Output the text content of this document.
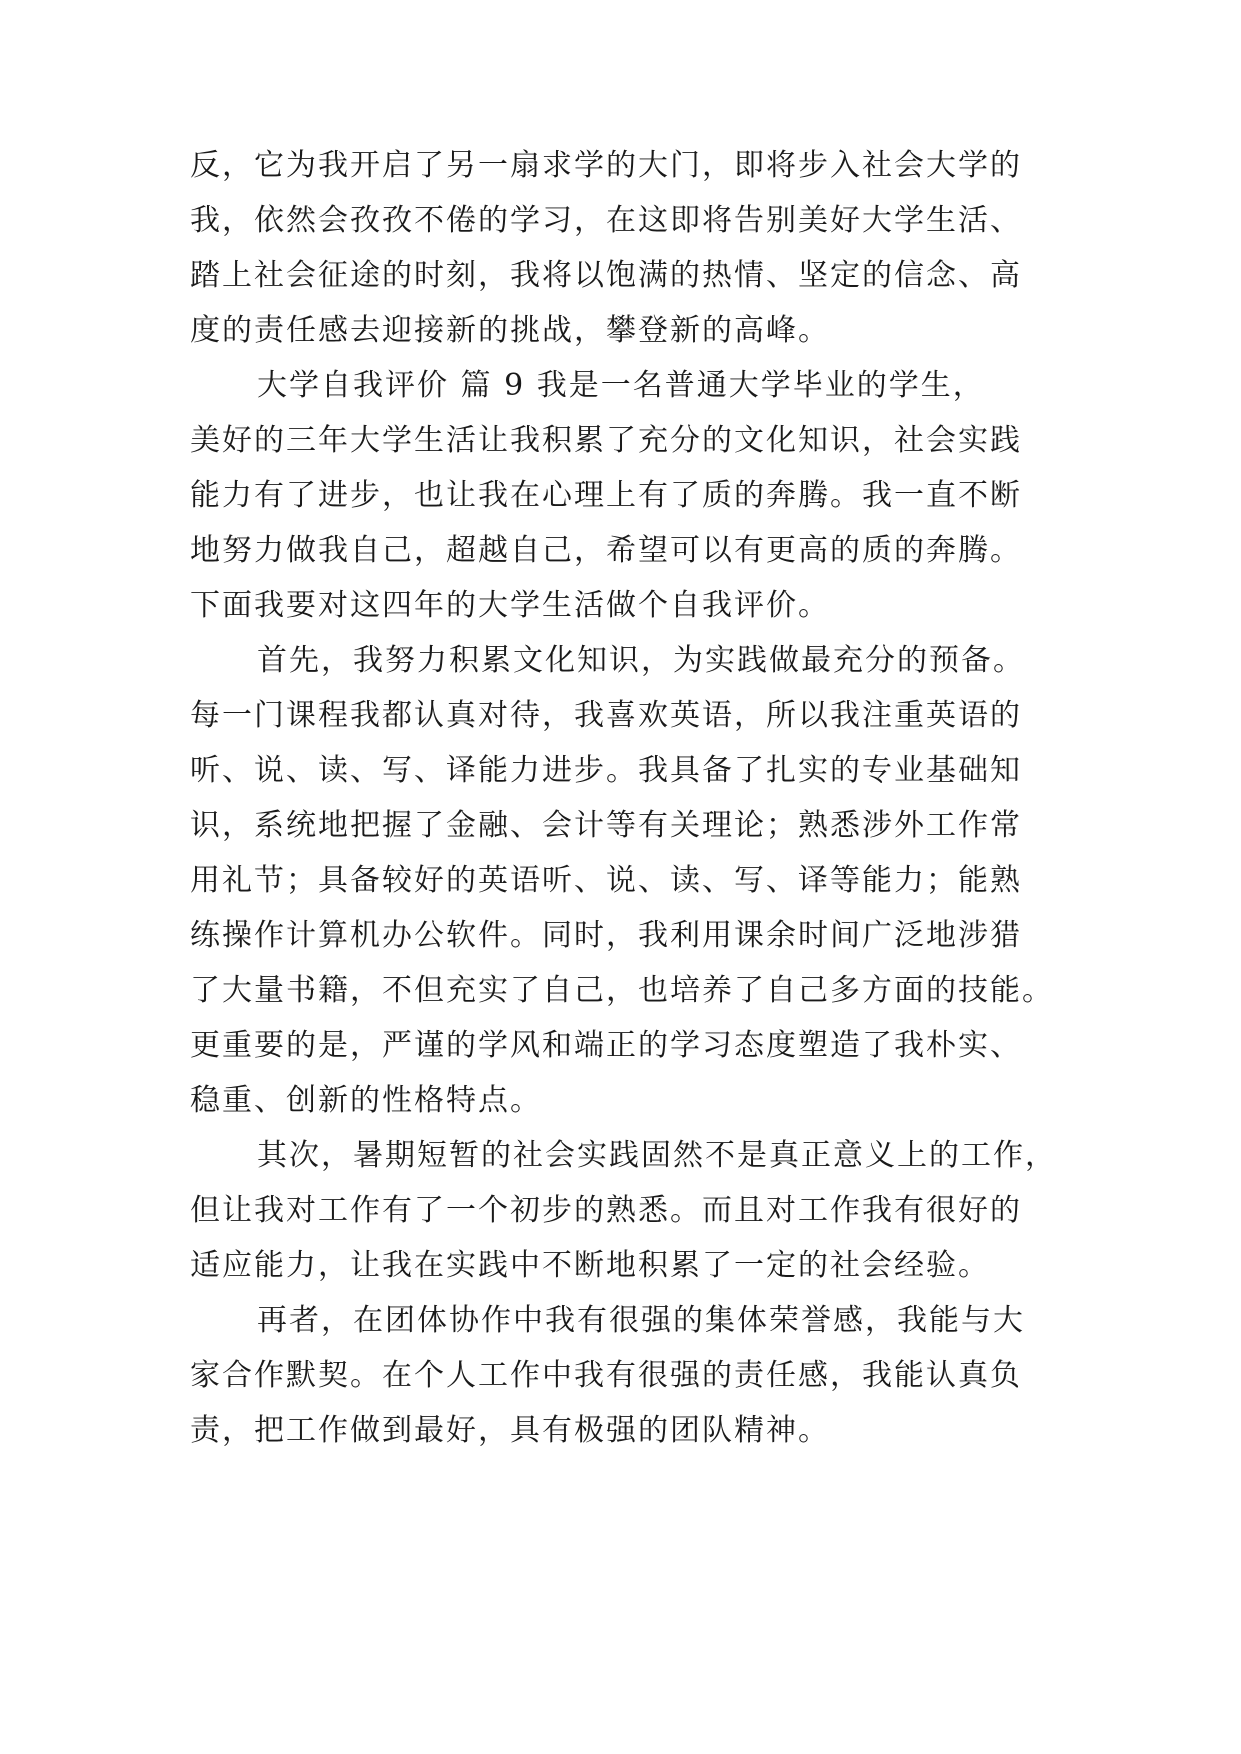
反，它为我开启了另一扇求学的大门，即将步入社会大学的
我，依然会孜孜不倦的学习，在这即将告别美好大学生活、
踏上社会征途的时刻，我将以饱满的热情、坚定的信念、高
度的责任感去迎接新的挑战，攀登新的高峰。
大学自我评价 篇 9 我是一名普通大学毕业的学生，
美好的三年大学生活让我积累了充分的文化知识，社会实践
能力有了进步，也让我在心理上有了质的奔腾。我一直不断
地努力做我自己，超越自己，希望可以有更高的质的奔腾。
下面我要对这四年的大学生活做个自我评价。
首先，我努力积累文化知识，为实践做最充分的预备。
每一门课程我都认真对待，我喜欢英语，所以我注重英语的
听、说、读、写、译能力进步。我具备了扎实的专业基础知
识，系统地把握了金融、会计等有关理论；熟悉涉外工作常
用礼节；具备较好的英语听、说、读、写、译等能力；能熟
练操作计算机办公软件。同时，我利用课余时间广泛地涉猎
了大量书籍，不但充实了自己，也培养了自己多方面的技能。
更重要的是，严谨的学风和端正的学习态度塑造了我朴实、
稳重、创新的性格特点。
其次，暑期短暂的社会实践固然不是真正意义上的工作，
但让我对工作有了一个初步的熟悉。而且对工作我有很好的
适应能力，让我在实践中不断地积累了一定的社会经验。
再者，在团体协作中我有很强的集体荣誉感，我能与大
家合作默契。在个人工作中我有很强的责任感，我能认真负
责，把工作做到最好，具有极强的团队精神。
